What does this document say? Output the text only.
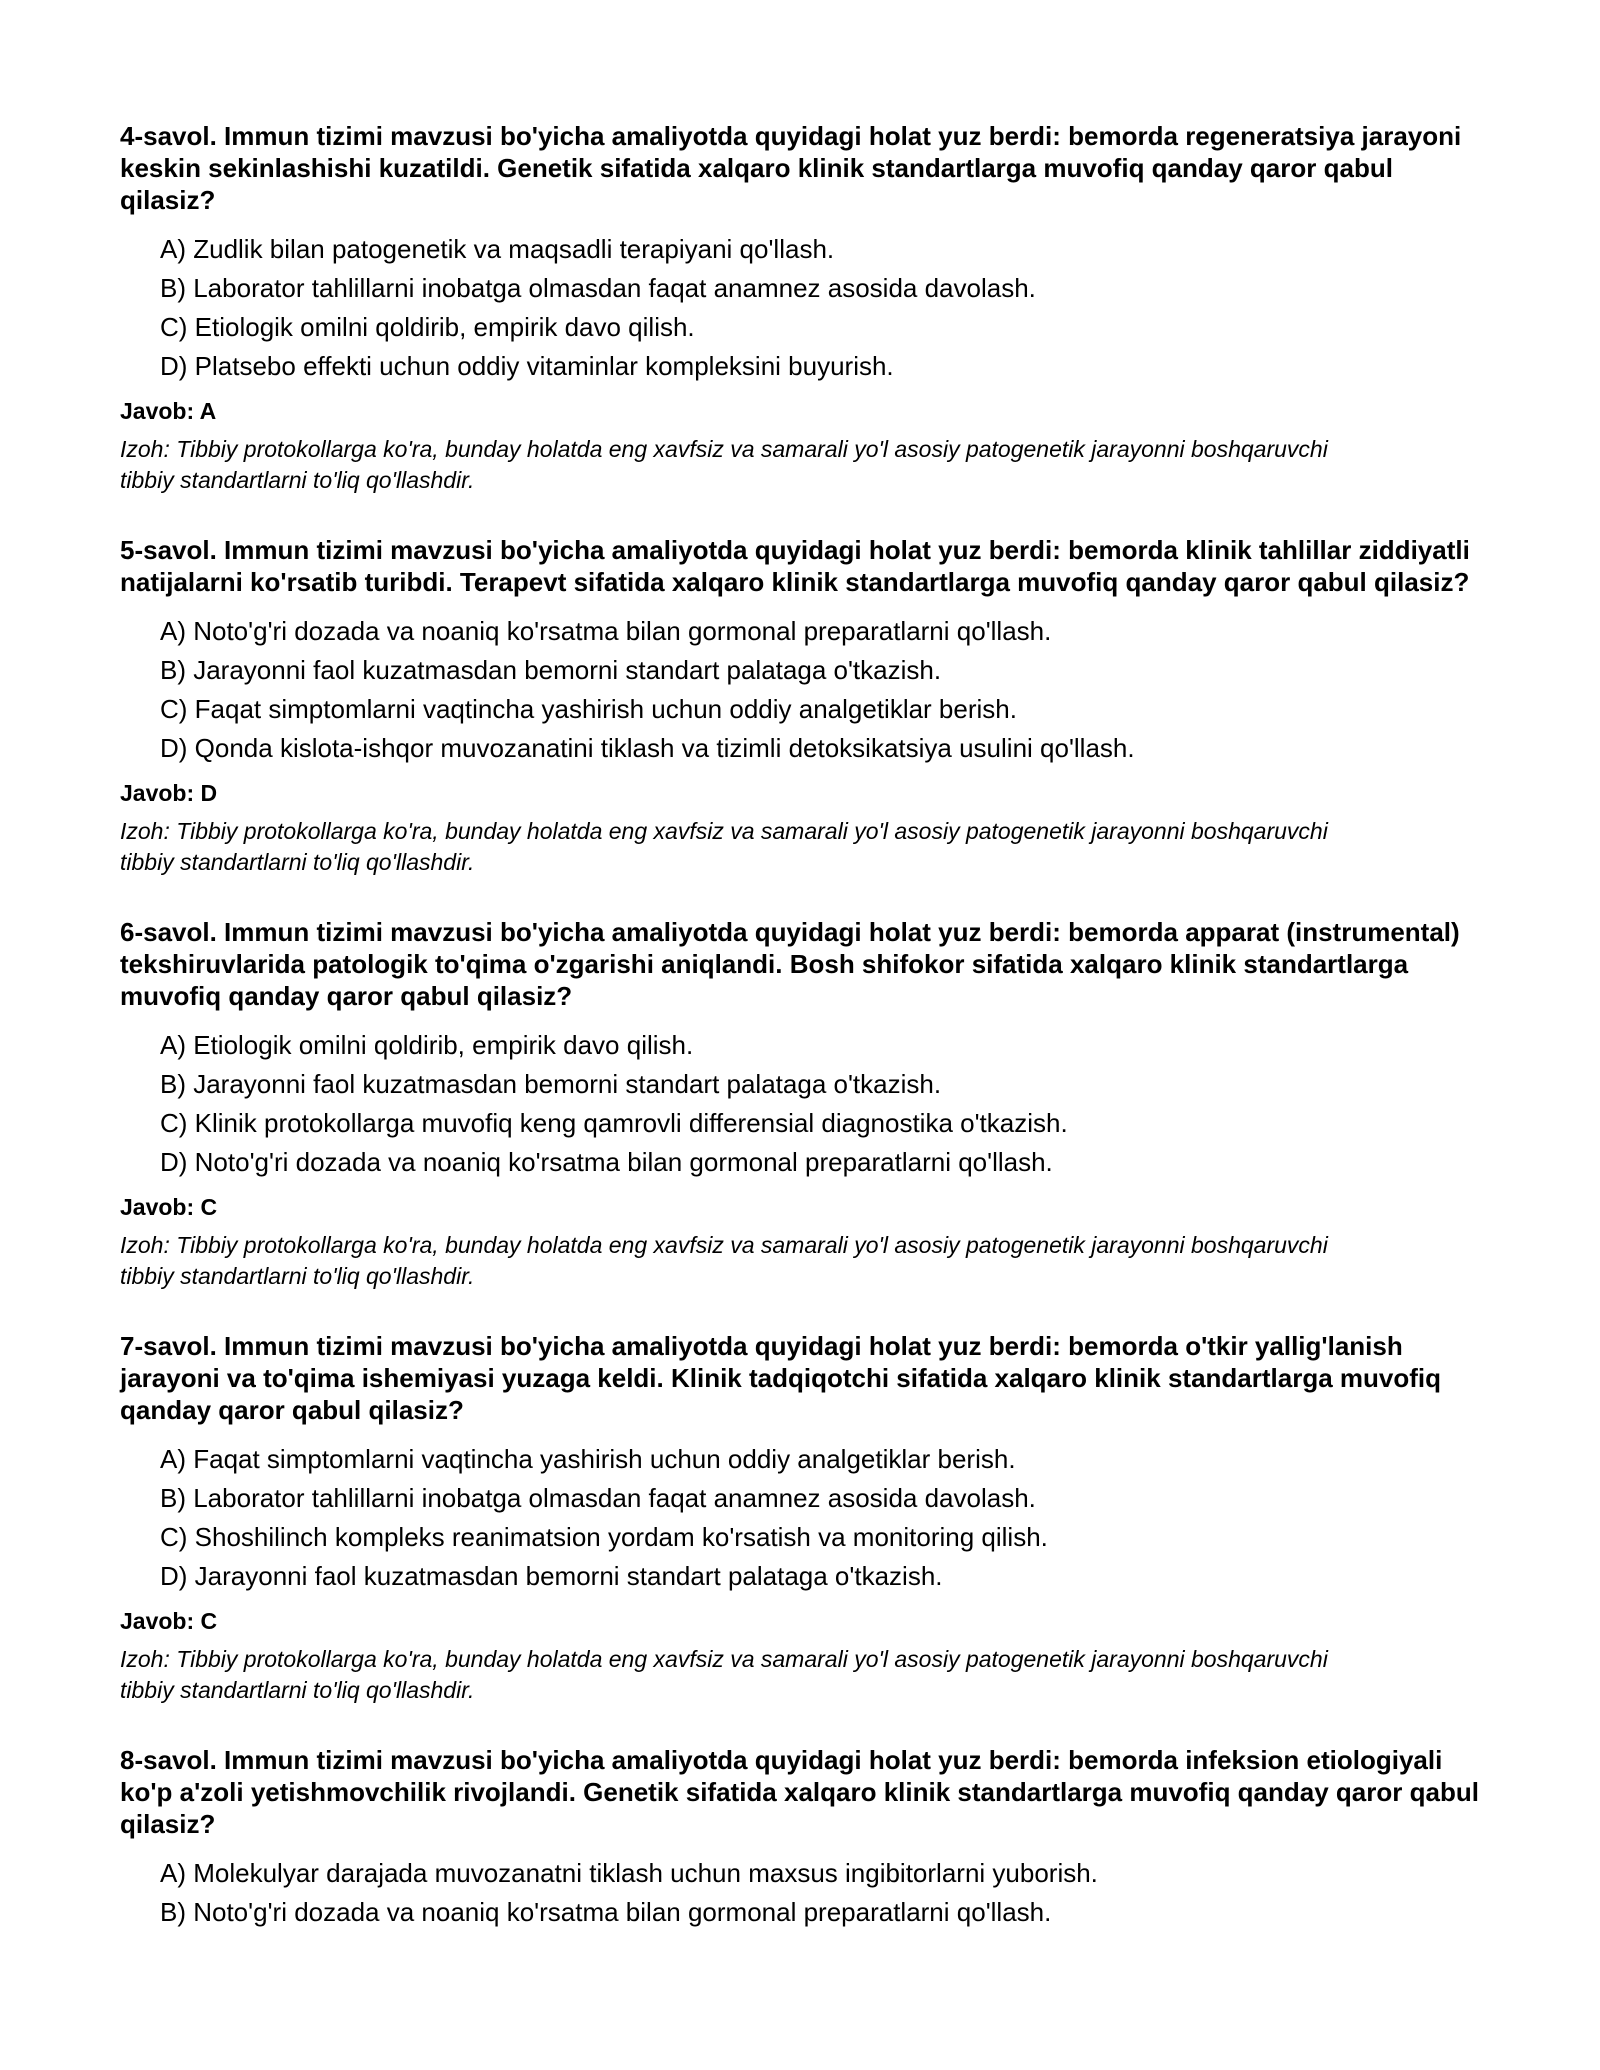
4-savol. Immun tizimi mavzusi bo'yicha amaliyotda quyidagi holat yuz berdi: bemorda regeneratsiya jarayoni keskin sekinlashishi kuzatildi. Genetik sifatida xalqaro klinik standartlarga muvofiq qanday qaror qabul qilasiz?

A) Zudlik bilan patogenetik va maqsadli terapiyani qo'llash.
B) Laborator tahlillarni inobatga olmasdan faqat anamnez asosida davolash.
C) Etiologik omilni qoldirib, empirik davo qilish.
D) Platsebo effekti uchun oddiy vitaminlar kompleksini buyurish.

Javob: A

Izoh: Tibbiy protokollarga ko'ra, bunday holatda eng xavfsiz va samarali yo'l asosiy patogenetik jarayonni boshqaruvchi tibbiy standartlarni to'liq qo'llashdir.

5-savol. Immun tizimi mavzusi bo'yicha amaliyotda quyidagi holat yuz berdi: bemorda klinik tahlillar ziddiyatli natijalarni ko'rsatib turibdi. Terapevt sifatida xalqaro klinik standartlarga muvofiq qanday qaror qabul qilasiz?

A) Noto'g'ri dozada va noaniq ko'rsatma bilan gormonal preparatlarni qo'llash.
B) Jarayonni faol kuzatmasdan bemorni standart palataga o'tkazish.
C) Faqat simptomlarni vaqtincha yashirish uchun oddiy analgetiklar berish.
D) Qonda kislota-ishqor muvozanatini tiklash va tizimli detoksikatsiya usulini qo'llash.

Javob: D

Izoh: Tibbiy protokollarga ko'ra, bunday holatda eng xavfsiz va samarali yo'l asosiy patogenetik jarayonni boshqaruvchi tibbiy standartlarni to'liq qo'llashdir.

6-savol. Immun tizimi mavzusi bo'yicha amaliyotda quyidagi holat yuz berdi: bemorda apparat (instrumental) tekshiruvlarida patologik to'qima o'zgarishi aniqlandi. Bosh shifokor sifatida xalqaro klinik standartlarga muvofiq qanday qaror qabul qilasiz?

A) Etiologik omilni qoldirib, empirik davo qilish.
B) Jarayonni faol kuzatmasdan bemorni standart palataga o'tkazish.
C) Klinik protokollarga muvofiq keng qamrovli differensial diagnostika o'tkazish.
D) Noto'g'ri dozada va noaniq ko'rsatma bilan gormonal preparatlarni qo'llash.

Javob: C

Izoh: Tibbiy protokollarga ko'ra, bunday holatda eng xavfsiz va samarali yo'l asosiy patogenetik jarayonni boshqaruvchi tibbiy standartlarni to'liq qo'llashdir.

7-savol. Immun tizimi mavzusi bo'yicha amaliyotda quyidagi holat yuz berdi: bemorda o'tkir yallig'lanish jarayoni va to'qima ishemiyasi yuzaga keldi. Klinik tadqiqotchi sifatida xalqaro klinik standartlarga muvofiq qanday qaror qabul qilasiz?

A) Faqat simptomlarni vaqtincha yashirish uchun oddiy analgetiklar berish.
B) Laborator tahlillarni inobatga olmasdan faqat anamnez asosida davolash.
C) Shoshilinch kompleks reanimatsion yordam ko'rsatish va monitoring qilish.
D) Jarayonni faol kuzatmasdan bemorni standart palataga o'tkazish.

Javob: C

Izoh: Tibbiy protokollarga ko'ra, bunday holatda eng xavfsiz va samarali yo'l asosiy patogenetik jarayonni boshqaruvchi tibbiy standartlarni to'liq qo'llashdir.

8-savol. Immun tizimi mavzusi bo'yicha amaliyotda quyidagi holat yuz berdi: bemorda infeksion etiologiyali ko'p a'zoli yetishmovchilik rivojlandi. Genetik sifatida xalqaro klinik standartlarga muvofiq qanday qaror qabul qilasiz?

A) Molekulyar darajada muvozanatni tiklash uchun maxsus ingibitorlarni yuborish.
B) Noto'g'ri dozada va noaniq ko'rsatma bilan gormonal preparatlarni qo'llash.
